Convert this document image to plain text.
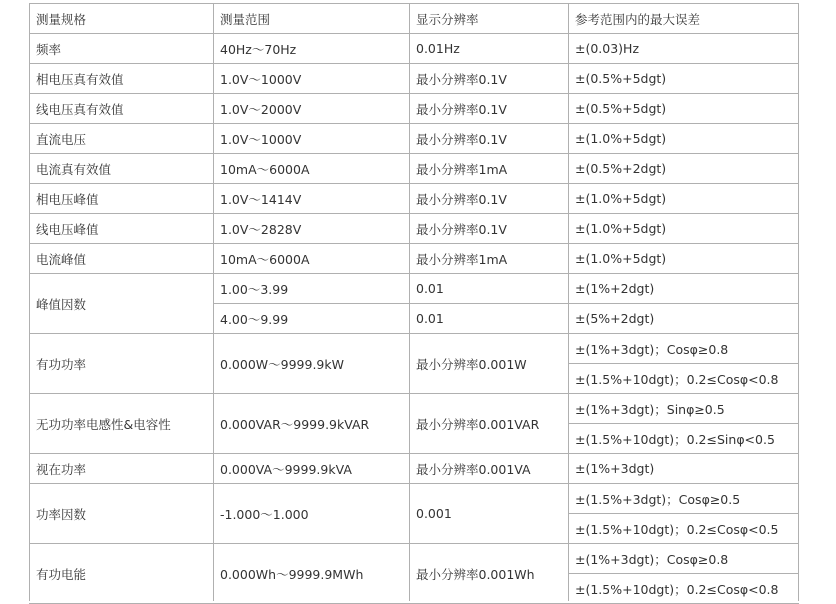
测量规格	测量范围	显示分辨率	参考范围内的最大误差
频率	40Hz～70Hz	0.01Hz	±(0.03)Hz
相电压真有效值	1.0V～1000V	最小分辨率0.1V	±(0.5%+5dgt)
线电压真有效值	1.0V～2000V	最小分辨率0.1V	±(0.5%+5dgt)
直流电压	1.0V～1000V	最小分辨率0.1V	±(1.0%+5dgt)
电流真有效值	10mA～6000A	最小分辨率1mA	±(0.5%+2dgt)
相电压峰值	1.0V～1414V	最小分辨率0.1V	±(1.0%+5dgt)
线电压峰值	1.0V～2828V	最小分辨率0.1V	±(1.0%+5dgt)
电流峰值	10mA～6000A	最小分辨率1mA	±(1.0%+5dgt)
峰值因数	1.00～3.99	0.01	±(1%+2dgt)
	4.00～9.99	0.01	±(5%+2dgt)
有功功率	0.000W～9999.9kW	最小分辨率0.001W	±(1%+3dgt)；Cosφ≥0.8
			±(1.5%+10dgt)；0.2≤Cosφ<0.8
无功功率电感性&电容性	0.000VAR～9999.9kVAR	最小分辨率0.001VAR	±(1%+3dgt)；Sinφ≥0.5
			±(1.5%+10dgt)；0.2≤Sinφ<0.5
视在功率	0.000VA～9999.9kVA	最小分辨率0.001VA	±(1%+3dgt)
功率因数	-1.000～1.000	0.001	±(1.5%+3dgt)；Cosφ≥0.5
			±(1.5%+10dgt)；0.2≤Cosφ<0.5
有功电能	0.000Wh～9999.9MWh	最小分辨率0.001Wh	±(1%+3dgt)；Cosφ≥0.8
			±(1.5%+10dgt)；0.2≤Cosφ<0.8
